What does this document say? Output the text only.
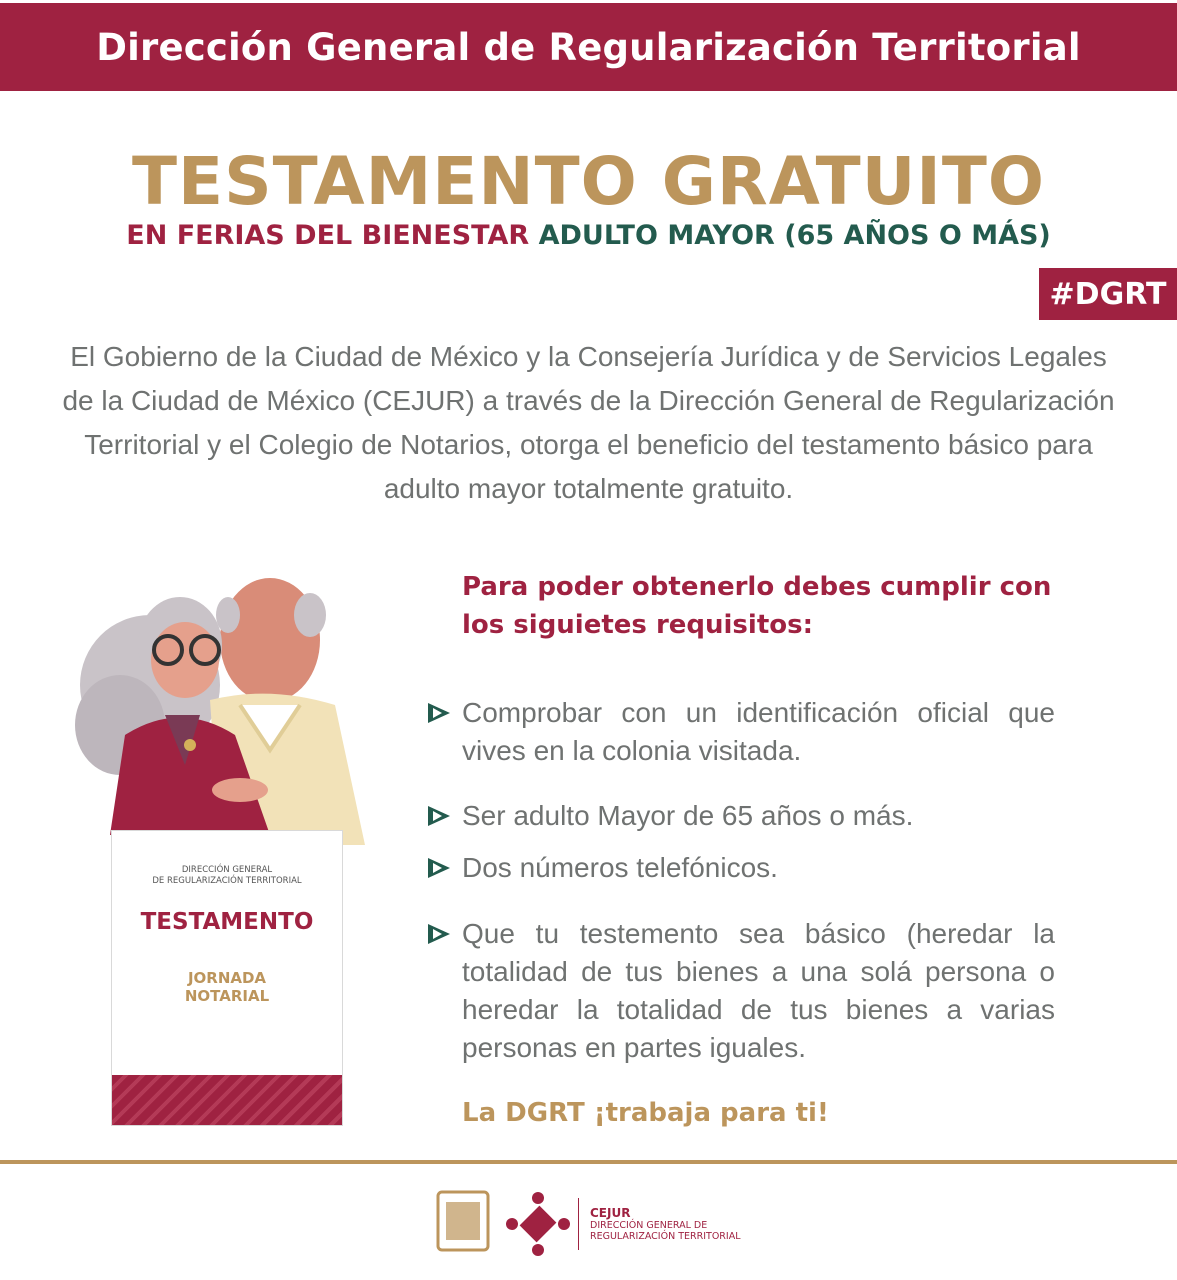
Dirección General de Regularización Territorial
TESTAMENTO GRATUITO
EN FERIAS DEL BIENESTAR ADULTO MAYOR (65 AÑOS O MÁS)
#DGRT
El Gobierno de la Ciudad de México y la Consejería Jurídica y de Servicios Legales de la Ciudad de México (CEJUR) a través de la Dirección General de Regularización Territorial y el Colegio de Notarios, otorga el beneficio del testamento básico para adulto mayor totalmente gratuito.
DIRECCIÓN GENERAL
DE REGULARIZACIÓN TERRITORIAL
TESTAMENTO
JORNADA
NOTARIAL
Para poder obtenerlo debes cumplir con
los siguietes requisitos:
Comprobar con un identificación oficial que vives en la colonia visitada.
Ser adulto Mayor de 65 años o más.
Dos números telefónicos.
Que tu testemento sea básico (heredar la totalidad de tus bienes a una solá persona o heredar la totalidad de tus bienes a varias personas en partes iguales.
La DGRT ¡trabaja para ti!
CEJUR
DIRECCIÓN GENERAL DE
REGULARIZACIÓN TERRITORIAL
